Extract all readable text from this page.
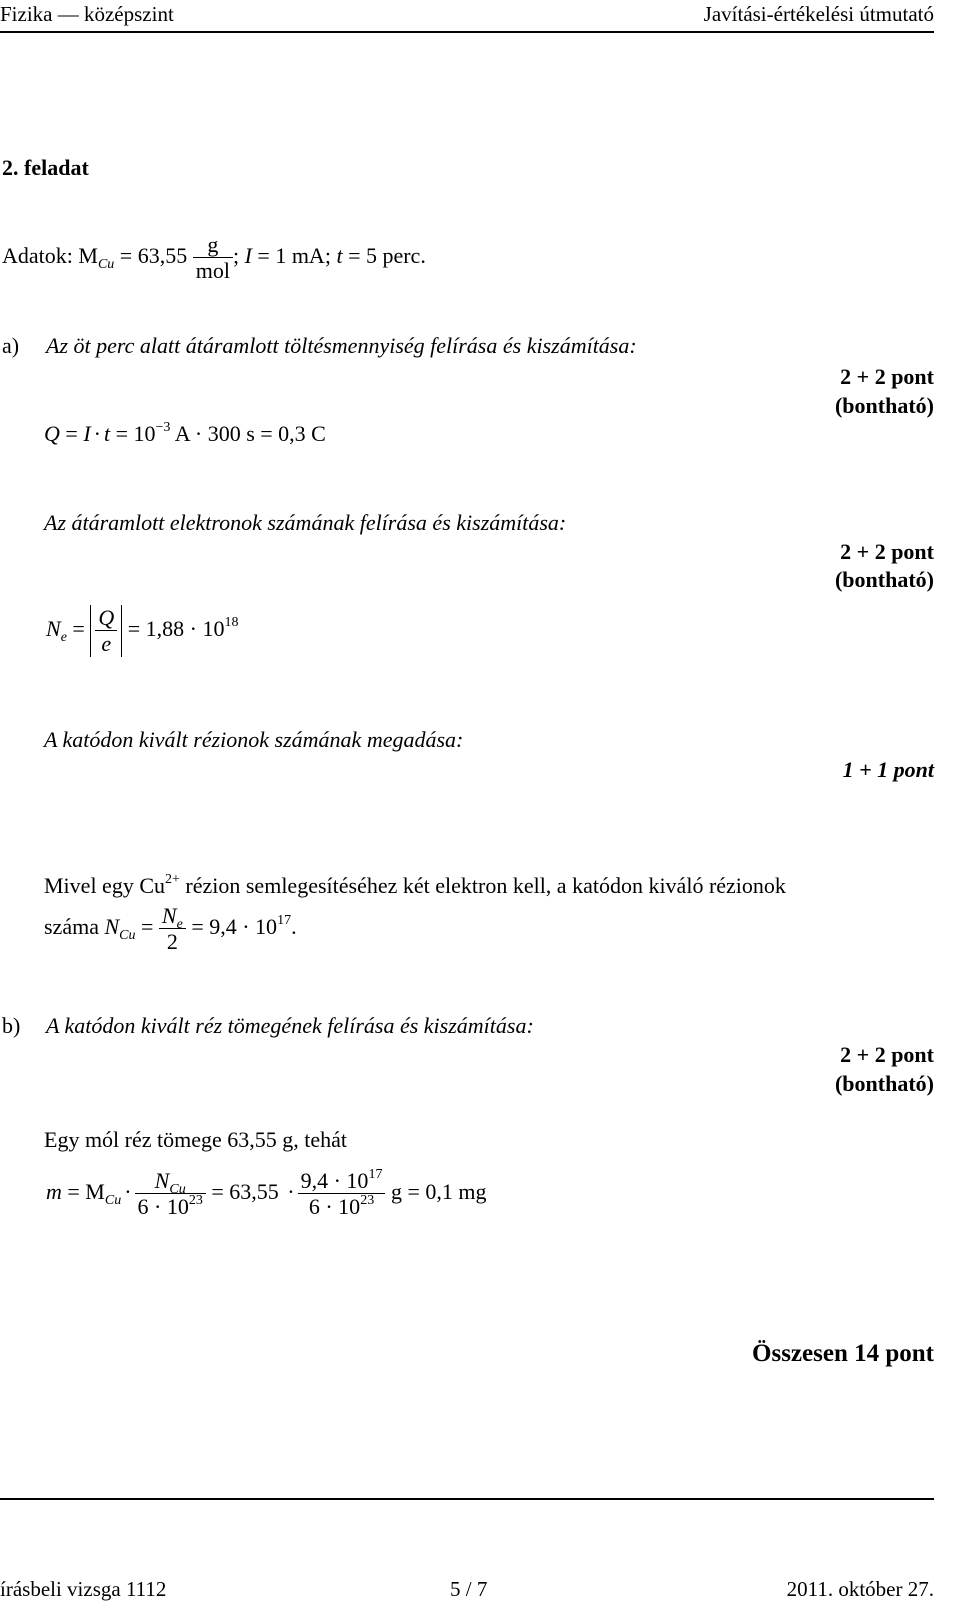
Fizika — középszint	Javítási-értékelési útmutató
2. feladat
Adatok: $M_{Cu} = 63,55 \frac{g}{\text{mol}}$ ; I = 1 mA; t = 5 perc.
a) Az öt perc alatt átáramlott töltésmennyiség felírása és kiszámítása:
2 + 2 pont
(bontható)
$Q = I \cdot t = 10^{-3}$ A · 300 s = 0,3 C
Az átáramlott elektronok számának felírása és kiszámítása:
2 + 2 pont
(bontható)
$N_e = \frac{Q}{e} = 1,88 \cdot 10^{18}$
A katódon kivált rézionok számának megadása:
1 + 1 pont
Mivel egy $Cu^{2+}$ rézion semlegesítéséhez két elektron kell, a katódon kiváló rézionok
száma $N_{Cu} = \frac{N_e}{2} = 9,4 \cdot 10^{17}$.
b) A katódon kivált réz tömegének felírása és kiszámítása:
2 + 2 pont
(bontható)
Egy mól réz tömege 63,55 g, tehát
$m = M_{Cu} \cdot \frac{N_{Cu}}{6 \cdot 10^{23}} = 63,55 \cdot \frac{9,4 \cdot 10^{17}}{6 \cdot 10^{23}}$ g = 0,1 mg
Összesen 14 pont
írásbeli vizsga 1112	5 / 7	2011. október 27.
